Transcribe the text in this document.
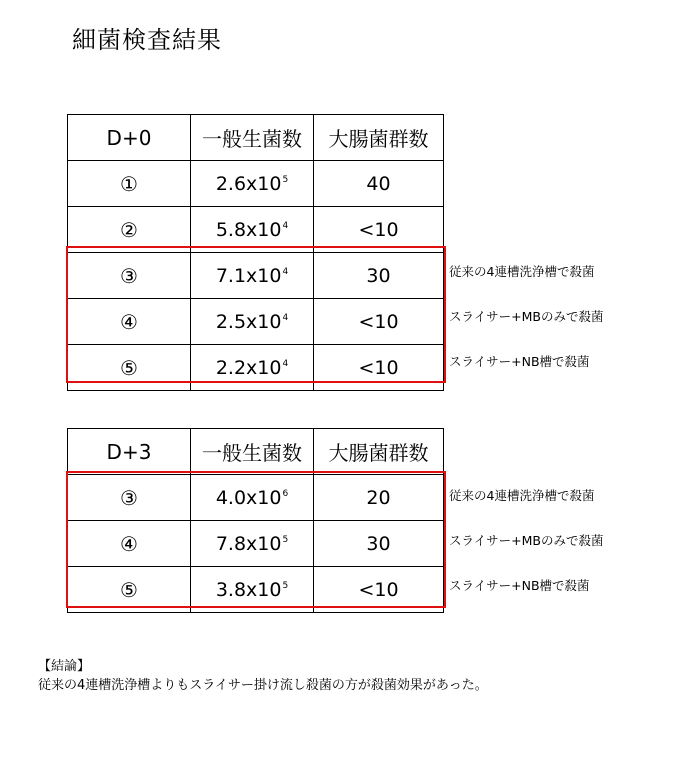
細菌検査結果
D+0	一般生菌数	大腸菌群数
①	$2.6x10^5$	40
②	$5.8x10^4$	<10
③	$7.1x10^4$	30
④	$2.5x10^4$	<10
⑤	$2.2x10^4$	<10
従来の4連槽洗浄槽で殺菌
スライサー+MBのみで殺菌
スライサー+NB槽で殺菌
D+3	一般生菌数	大腸菌群数
③	$4.0x10^6$	20
④	$7.8x10^5$	30
⑤	$3.8x10^5$	<10
従来の4連槽洗浄槽で殺菌
スライサー+MBのみで殺菌
スライサー+NB槽で殺菌
【結論】
従来の4連槽洗浄槽よりもスライサー掛け流し殺菌の方が殺菌効果があった。
